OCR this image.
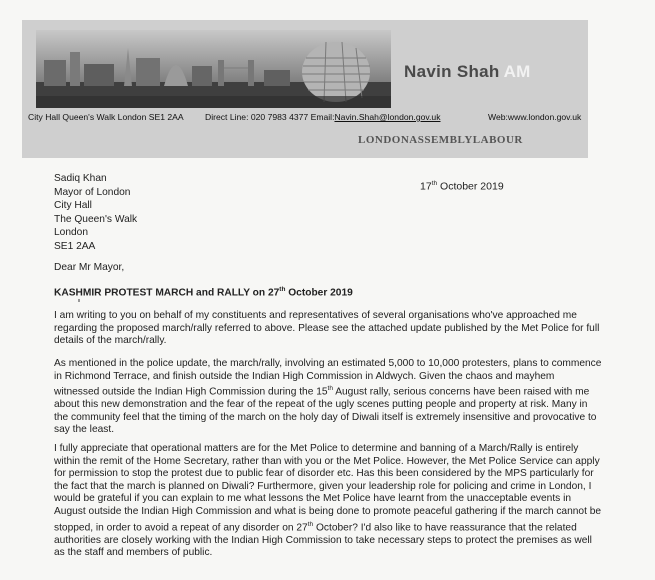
Navin Shah AM
City Hall Queen's Walk London SE1 2AA Direct Line: 020 7983 4377 Email:Navin.Shah@london.gov.uk	Web:www.london.gov.uk
LONDONASSEMBLYLABOUR
Sadiq Khan
Mayor of London
City Hall
The Queen's Walk
London
SE1 2AA
17th October 2019
Dear Mr Mayor,
KASHMIR PROTEST MARCH and RALLY on 27th October 2019
I am writing to you on behalf of my constituents and representatives of several organisations who've approached me regarding the proposed march/rally referred to above. Please see the attached update published by the Met Police for full details of the march/rally.
As mentioned in the police update, the march/rally, involving an estimated 5,000 to 10,000 protesters, plans to commence in Richmond Terrace, and finish outside the Indian High Commission in Aldwych. Given the chaos and mayhem witnessed outside the Indian High Commission during the 15th August rally, serious concerns have been raised with me about this new demonstration and the fear of the repeat of the ugly scenes putting people and property at risk. Many in the community feel that the timing of the march on the holy day of Diwali itself is extremely insensitive and provocative to say the least.
I fully appreciate that operational matters are for the Met Police to determine and banning of a March/Rally is entirely within the remit of the Home Secretary, rather than with you or the Met Police. However, the Met Police Service can apply for permission to stop the protest due to public fear of disorder etc. Has this been considered by the MPS particularly for the fact that the march is planned on Diwali? Furthermore, given your leadership role for policing and crime in London, I would be grateful if you can explain to me what lessons the Met Police have learnt from the unacceptable events in August outside the Indian High Commission and what is being done to promote peaceful gathering if the march cannot be stopped, in order to avoid a repeat of any disorder on 27th October? I'd also like to have reassurance that the related authorities are closely working with the Indian High Commission to take necessary steps to protect the premises as well as the staff and members of public.
